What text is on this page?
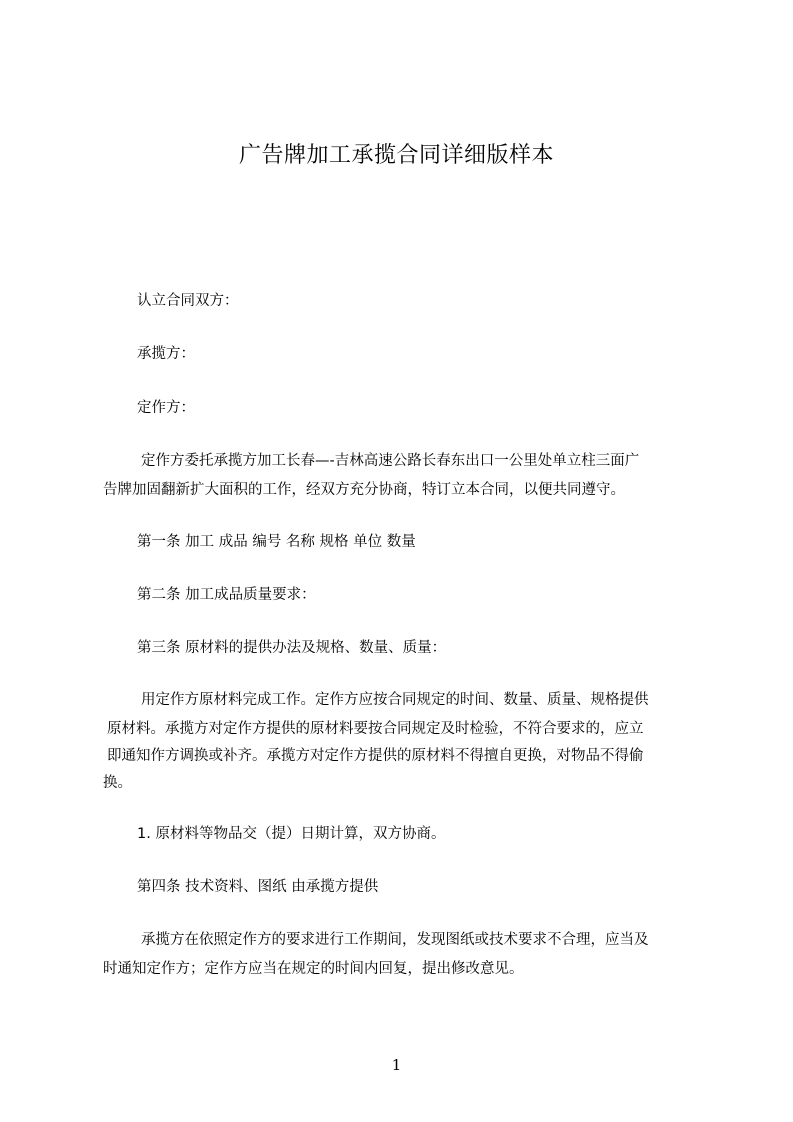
广告牌加工承揽合同详细版样本
认立合同双方：
承揽方：
定作方：
定作方委托承揽方加工长春—-吉林高速公路长春东出口一公里处单立柱三面广
告牌加固翻新扩大面积的工作，经双方充分协商，特订立本合同，以便共同遵守。
第一条 加工 成品 编号 名称 规格 单位 数量
第二条 加工成品质量要求：
第三条 原材料的提供办法及规格、数量、质量：
用定作方原材料完成工作。定作方应按合同规定的时间、数量、质量、规格提供
原材料。承揽方对定作方提供的原材料要按合同规定及时检验，不符合要求的，应立
即通知作方调换或补齐。承揽方对定作方提供的原材料不得擅自更换，对物品不得偷
换。
1. 原材料等物品交（提）日期计算，双方协商。
第四条 技术资料、图纸 由承揽方提供
承揽方在依照定作方的要求进行工作期间，发现图纸或技术要求不合理，应当及
时通知定作方；定作方应当在规定的时间内回复，提出修改意见。
1
